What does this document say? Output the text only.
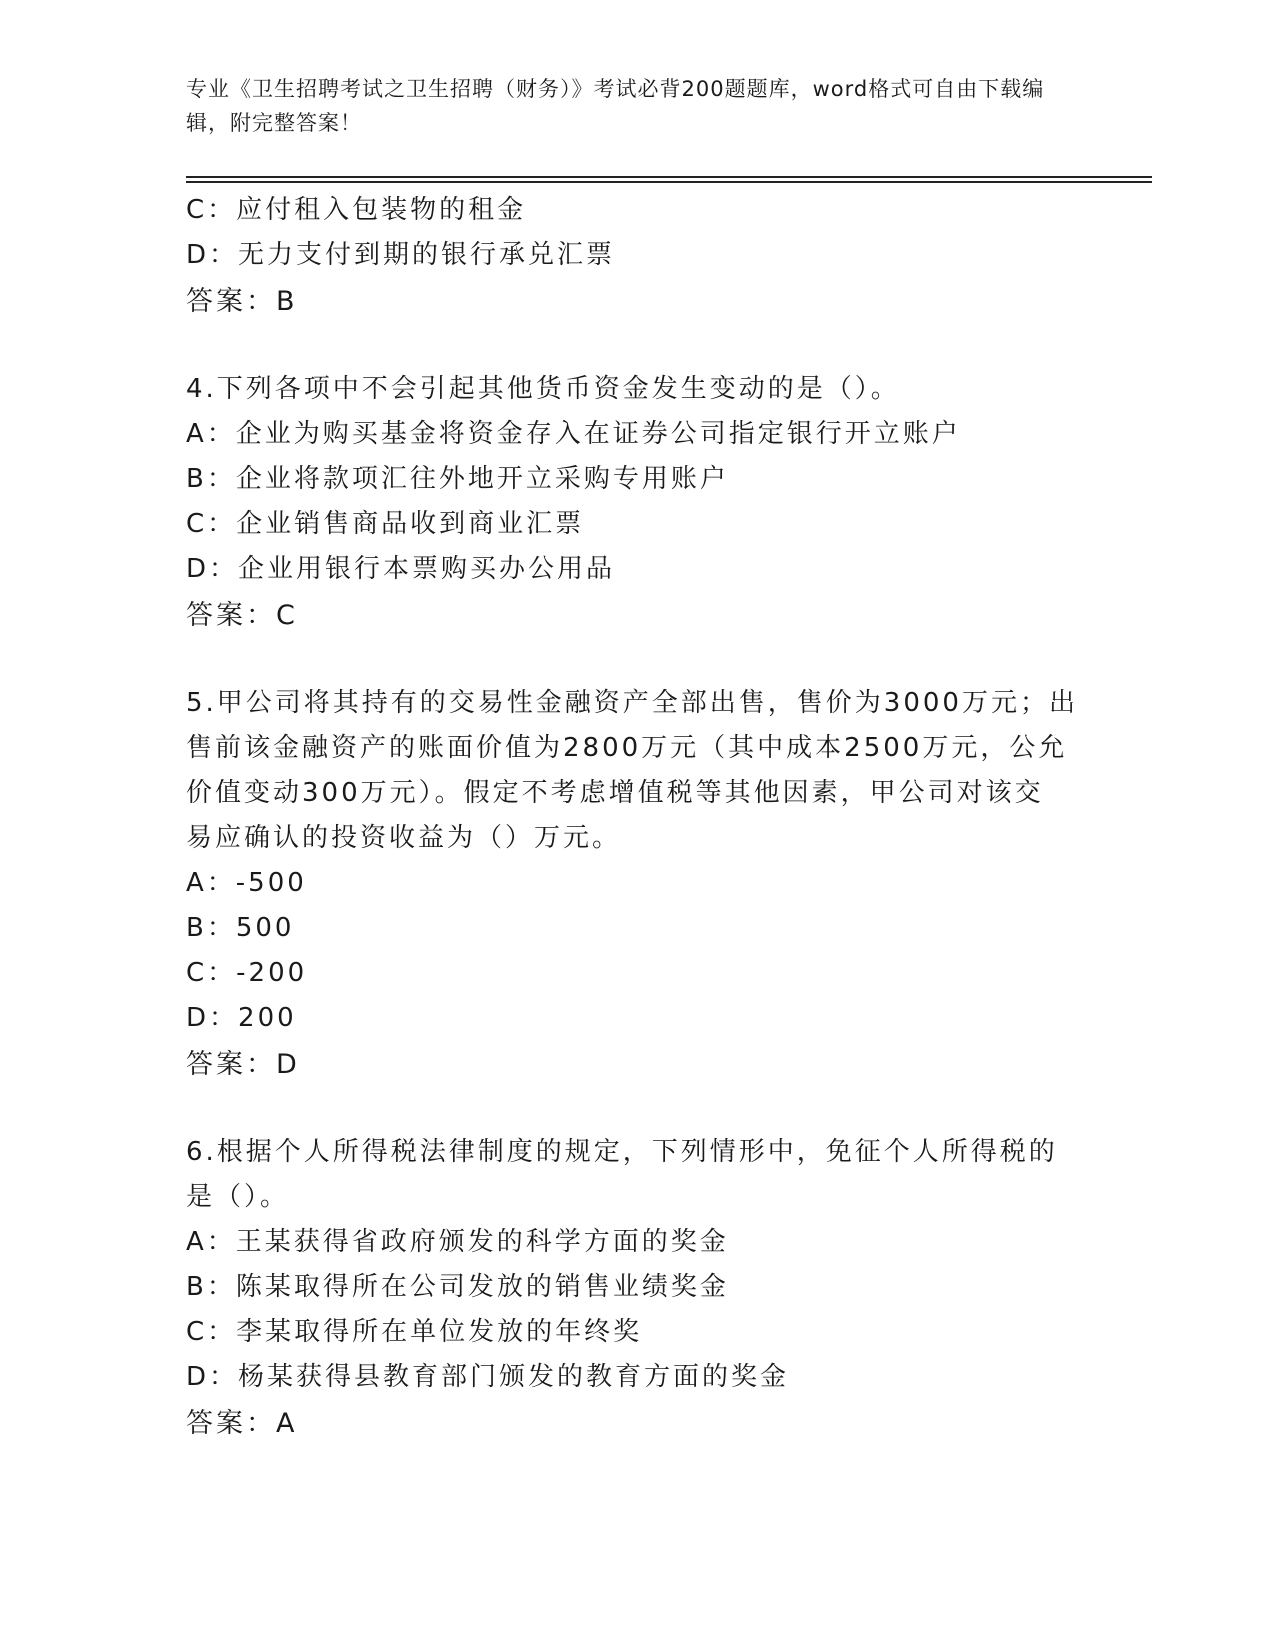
专业《卫生招聘考试之卫生招聘（财务）》考试必背200题题库，word格式可自由下载编辑，附完整答案！
C：应付租入包装物的租金
D：无力支付到期的银行承兑汇票
答案：B
4.下列各项中不会引起其他货币资金发生变动的是（）。
A：企业为购买基金将资金存入在证券公司指定银行开立账户
B：企业将款项汇往外地开立采购专用账户
C：企业销售商品收到商业汇票
D：企业用银行本票购买办公用品
答案：C
5.甲公司将其持有的交易性金融资产全部出售，售价为3000万元；出
售前该金融资产的账面价值为2800万元（其中成本2500万元，公允
价值变动300万元）。假定不考虑增值税等其他因素，甲公司对该交
易应确认的投资收益为（）万元。
A：-500
B：500
C：-200
D：200
答案：D
6.根据个人所得税法律制度的规定，下列情形中，免征个人所得税的
是（）。
A：王某获得省政府颁发的科学方面的奖金
B：陈某取得所在公司发放的销售业绩奖金
C：李某取得所在单位发放的年终奖
D：杨某获得县教育部门颁发的教育方面的奖金
答案：A
